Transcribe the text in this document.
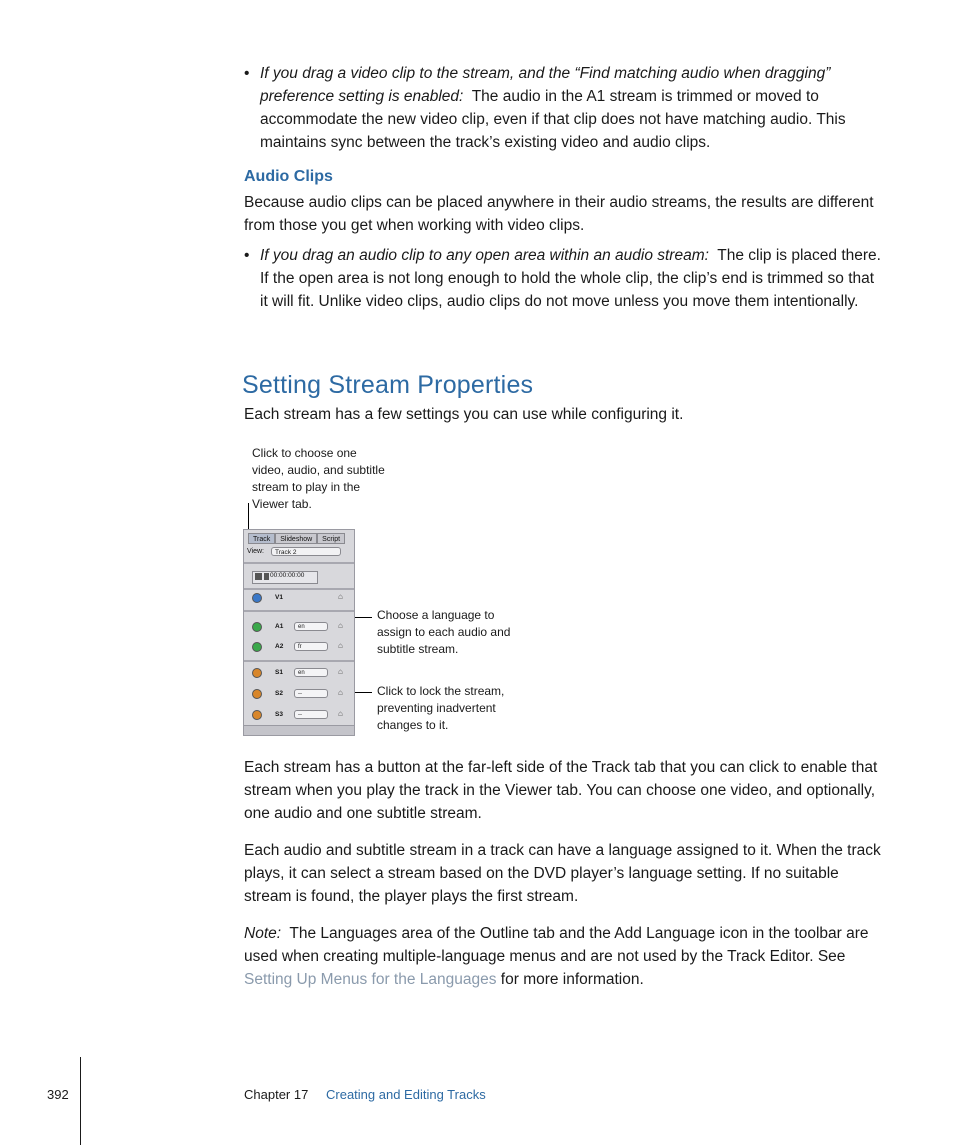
• If you drag a video clip to the stream, and the “Find matching audio when dragging” preference setting is enabled: The audio in the A1 stream is trimmed or moved to accommodate the new video clip, even if that clip does not have matching audio. This maintains sync between the track’s existing video and audio clips.
Audio Clips

Because audio clips can be placed anywhere in their audio streams, the results are different from those you get when working with video clips.

• If you drag an audio clip to any open area within an audio stream: The clip is placed there. If the open area is not long enough to hold the whole clip, the clip’s end is trimmed so that it will fit. Unlike video clips, audio clips do not move unless you move them intentionally.
Setting Stream Properties

Each stream has a few settings you can use while configuring it.

Click to choose one video, audio, and subtitle stream to play in the Viewer tab.
Choose a language to assign to each audio and subtitle stream.
Click to lock the stream, preventing inadvertent changes to it.
Track	Slideshow	Script
View:	Track 2
00:00:00:00
V1	⌂
A1	en	⌂
A2	fr	⌂
S1	en	⌂
S2	--	⌂
S3	--	⌂

Each stream has a button at the far-left side of the Track tab that you can click to enable that stream when you play the track in the Viewer tab. You can choose one video, and optionally, one audio and one subtitle stream.

Each audio and subtitle stream in a track can have a language assigned to it. When the track plays, it can select a stream based on the DVD player’s language setting. If no suitable stream is found, the player plays the first stream.

Note: The Languages area of the Outline tab and the Add Language icon in the toolbar are used when creating multiple-language menus and are not used by the Track Editor. See Setting Up Menus for the Languages for more information.

392	Chapter 17 Creating and Editing Tracks
